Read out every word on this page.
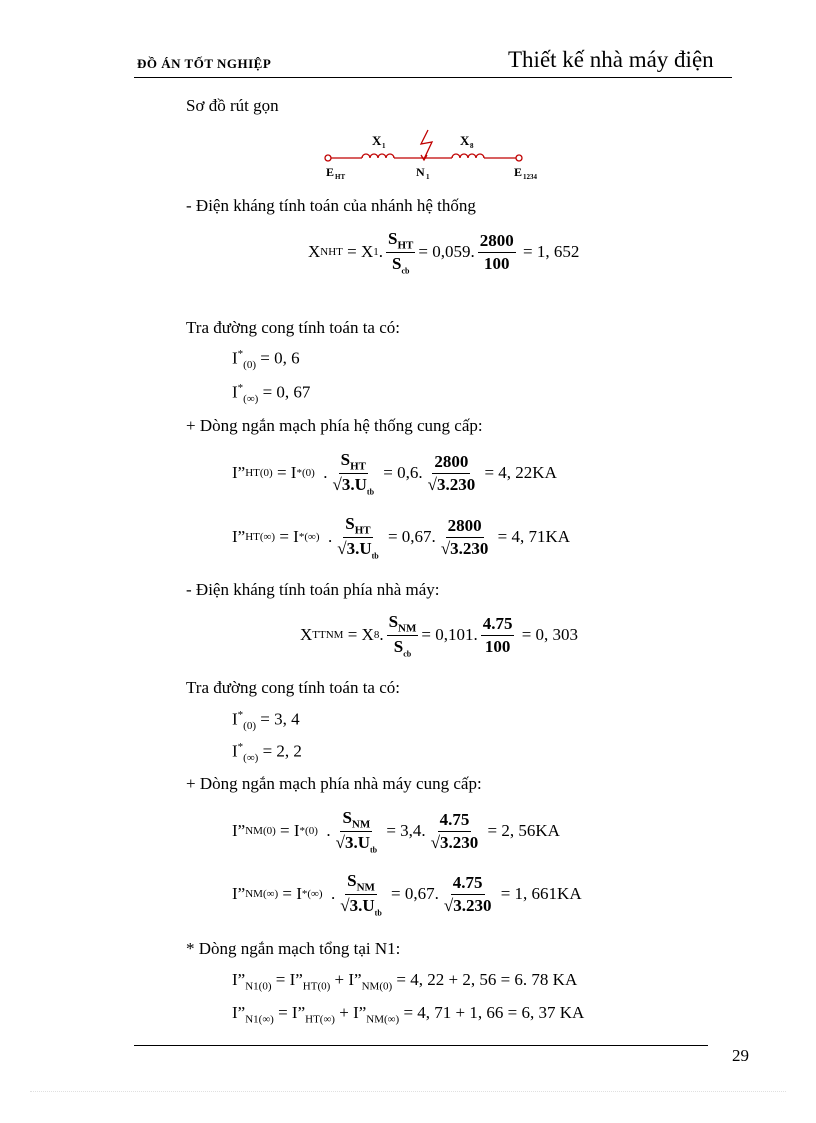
ĐỒ ÁN TỐT NGHIỆP	Thiết kế nhà máy điện
Sơ đồ rút gọn
X 1	X 8
N 1
E HT	E 1234
- Điện kháng tính toán của nhánh hệ thống
X NHT
= X 1 . $\frac{S_{HT}}{S_{cb}} = 0,059$. $\frac{2800}{100}$
= 1, 652
Tra đường cong tính toán ta có:
$I^*_{(0)} = 0$, 6
$I^*_{(\infty)} = 0$, 67
+ Dòng ngắn mạch phía hệ thống cung cấp:
I” HT(0)
= I * (0)
. $\frac{S_{HT}}{√3.U_{tb}}$
= 0,6. $\frac{2800}{√3.230}$
= 4, 22KA
I” HT(∞)
= I * (∞)
. $\frac{S_{HT}}{√3.U_{tb}}$
= 0,67. $\frac{2800}{√3.230}$
= 4, 71KA
- Điện kháng tính toán phía nhà máy:
X TTNM
= X 8 . $\frac{S_{NM}}{S_{cb}} = 0,101$. $\frac{4.75}{100}$
= 0, 303
Tra đường cong tính toán ta có:
$I^*_{(0)} = 3$, 4
$I^*_{(\infty)} = 2$, 2
+ Dòng ngắn mạch phía nhà máy cung cấp:
I” NM(0)
= I * (0)
. $\frac{S_{NM}}{√3.U_{tb}}$
= 3,4. $\frac{4.75}{√3.230}$
= 2, 56KA
I” NM(∞)
= I * (∞)
. $\frac{S_{NM}}{√3.U_{tb}}$
= 0,67. $\frac{4.75}{√3.230}$
= 1, 661KA
* Dòng ngắn mạch tổng tại N1:
$I”_{N1(0)}$ = $I”_{HT(0)}$ + $I”_{NM(0)} = 4$, 22 + 2, 56 = 6. 78 KA
$I”_{N1(\infty)}$ = $I”_{HT(\infty)}$ + $I”_{NM(\infty)} = 4$, 71 + 1, 66 = 6, 37 KA
29
